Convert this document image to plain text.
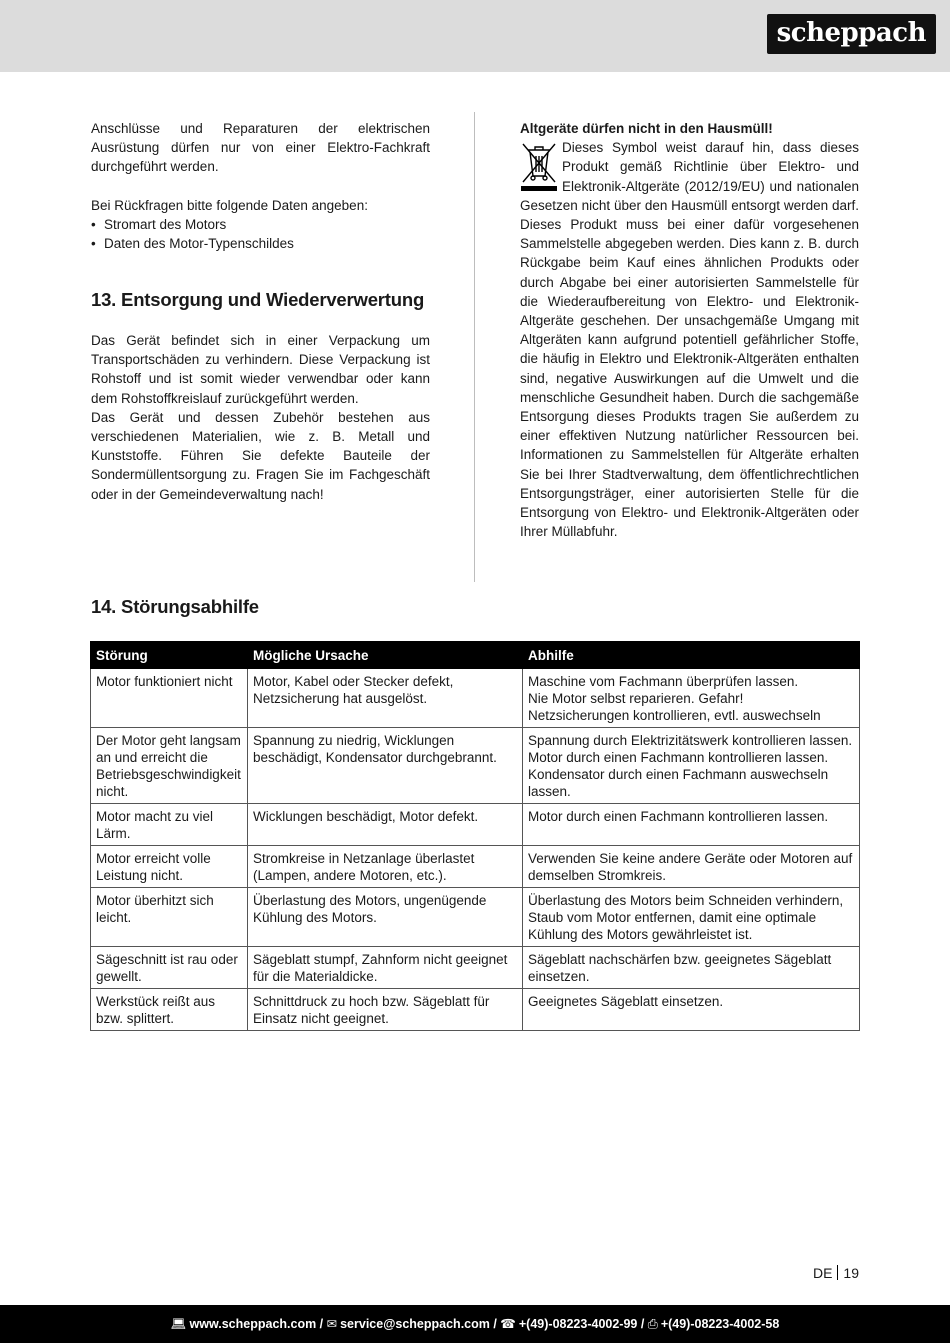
scheppach

Anschlüsse und Reparaturen der elektrischen Ausrüstung dürfen nur von einer Elektro-Fachkraft durchgeführt werden.

Bei Rückfragen bitte folgende Daten angeben:

• Stromart des Motors
• Daten des Motor-Typenschildes
13. Entsorgung und Wiederverwertung

Das Gerät befindet sich in einer Verpackung um Transportschäden zu verhindern. Diese Verpackung ist Rohstoff und ist somit wieder verwendbar oder kann dem Rohstoffkreislauf zurückgeführt werden.

Das Gerät und dessen Zubehör bestehen aus verschiedenen Materialien, wie z. B. Metall und Kunststoffe. Führen Sie defekte Bauteile der Sondermüllentsorgung zu. Fragen Sie im Fachgeschäft oder in der Gemeindeverwaltung nach!

Altgeräte dürfen nicht in den Hausmüll!

Dieses Symbol weist darauf hin, dass dieses Produkt gemäß Richtlinie über Elektro- und Elektronik-Altgeräte (2012/19/EU) und nationalen Gesetzen nicht über den Hausmüll entsorgt werden darf. Dieses Produkt muss bei einer dafür vorgesehenen Sammelstelle abgegeben werden. Dies kann z. B. durch Rückgabe beim Kauf eines ähnlichen Produkts oder durch Abgabe bei einer autorisierten Sammelstelle für die Wiederaufbereitung von Elektro- und Elektronik-Altgeräte geschehen. Der unsachgemäße Umgang mit Altgeräten kann aufgrund potentiell gefährlicher Stoffe, die häufig in Elektro und Elektronik-Altgeräten enthalten sind, negative Auswirkungen auf die Umwelt und die menschliche Gesundheit haben. Durch die sachgemäße Entsorgung dieses Produkts tragen Sie außerdem zu einer effektiven Nutzung natürlicher Ressourcen bei. Informationen zu Sammelstellen für Altgeräte erhalten Sie bei Ihrer Stadtverwaltung, dem öffentlichrechtlichen Entsorgungsträger, einer autorisierten Stelle für die Entsorgung von Elektro- und Elektronik-Altgeräten oder Ihrer Müllabfuhr.

14. Störungsabhilfe
Störung	Mögliche Ursache	Abhilfe
Motor funktioniert nicht	Motor, Kabel oder Stecker defekt, Netzsicherung hat ausgelöst.	Maschine vom Fachmann überprüfen lassen.
Nie Motor selbst reparieren. Gefahr!
Netzsicherungen kontrollieren, evtl. auswechseln
Der Motor geht langsam an und erreicht die Betriebsgeschwindigkeit nicht.	Spannung zu niedrig, Wicklungen beschädigt, Kondensator durchgebrannt.	Spannung durch Elektrizitätswerk kontrollieren lassen. Motor durch einen Fachmann kontrollieren lassen. Kondensator durch einen Fachmann auswechseln lassen.
Motor macht zu viel Lärm.	Wicklungen beschädigt, Motor defekt.	Motor durch einen Fachmann kontrollieren lassen.
Motor erreicht volle Leistung nicht.	Stromkreise in Netzanlage überlastet (Lampen, andere Motoren, etc.).	Verwenden Sie keine andere Geräte oder Motoren auf demselben Stromkreis.
Motor überhitzt sich leicht.	Überlastung des Motors, ungenügende Kühlung des Motors.	Überlastung des Motors beim Schneiden verhindern, Staub vom Motor entfernen, damit eine optimale Kühlung des Motors gewährleistet ist.
Sägeschnitt ist rau oder gewellt.	Sägeblatt stumpf, Zahnform nicht geeignet für die Materialdicke.	Sägeblatt nachschärfen bzw. geeignetes Sägeblatt einsetzen.
Werkstück reißt aus bzw. splittert.	Schnittdruck zu hoch bzw. Sägeblatt für Einsatz nicht geeignet.	Geeignetes Sägeblatt einsetzen.
DE 19
💻︎ www.scheppach.com / ✉ service@scheppach.com / ☎ +(49)-08223-4002-99 / ⎙ +(49)-08223-4002-58
